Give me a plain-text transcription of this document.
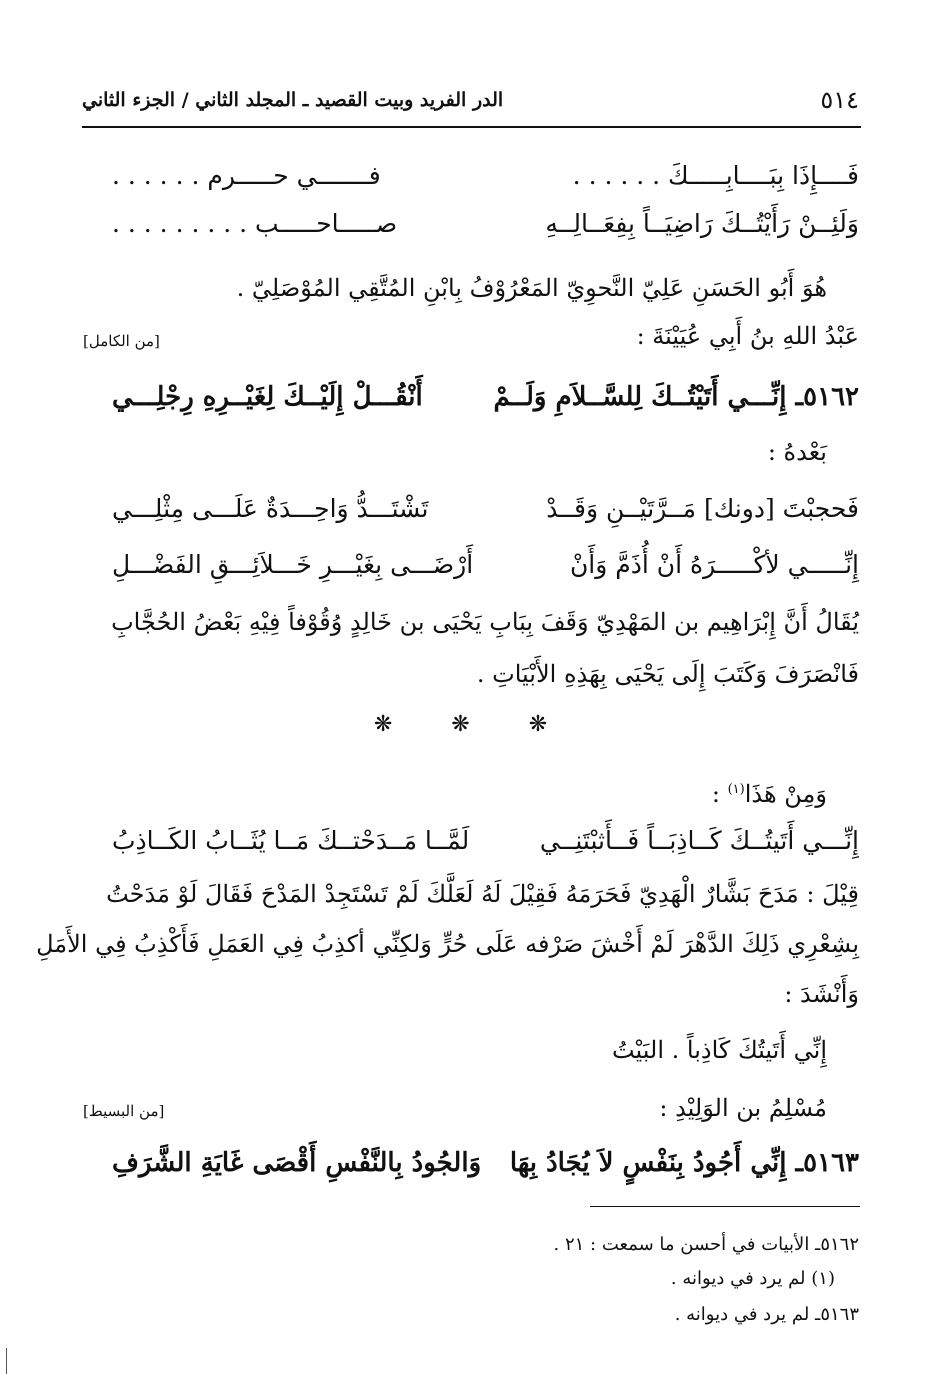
٥١٤
الدر الفريد وبيت القصيد ـ المجلد الثاني / الجزء الثاني
فَــــإِذَا بِبَــــابِـــــكَ . . . . . .
فـــــــي حـــــرم . . . . . .
وَلَئِــنْ رَأَيْتُــكَ رَاضِيَــاً بِفِعَــالِــهِ
صـــــاحـــــب . . . . . . . . .
هُوَ أَبُو الحَسَنِ عَلِيّ النَّحوِيّ المَعْرُوْفُ بِابْنِ المُتَّقِي المُوْصَلِيّ .
عَبْدُ اللهِ بنُ أَبِي عُيَيْنَةَ :
[من الكامل]
٥١٦٢ـ إِنِّـــي أَتَيْتُــكَ لِلسَّــلاَمِ وَلَــمْ
أَنْقُـــلْ إِلَيْــكَ لِغَيْــرِهِ رِجْلِـــي
بَعْدهُ :
فَحجبْتَ [دونك] مَــرَّتَيْــنِ وَقَــدْ
تَشْتَـــدُّ وَاحِـــدَةٌ عَلَـــى مِثْلِـــي
إِنِّـــــي لأكْـــــرَهُ أَنْ أُذَمَّ وَأَنْ
أَرْضَـــى بِغَيْـــرِ خَـــلاَئِـــقِ الفَضْـــلِ
يُقَالُ أَنَّ إِبْرَاهِيم بن المَهْدِيّ وَقَفَ بِبَابِ يَحْيَى بن خَالِدٍ وُقُوْفاً فِيْهِ بَعْضُ الحُجَّابِ
فَانْصَرَفَ وَكَتَبَ إِلَى يَحْيَى بِهَذِهِ الأَبْيَاتِ .
❋ ❋ ❋
وَمِنْ هَذَا$^{(١)}$ :
إِنِّـــي أَتَيتُــكَ كَــاذِبَــاً فَــأَثبْتَنِــي
لَمَّــا مَــدَحْتــكَ مَــا يُثَــابُ الكَــاذِبُ
قِيْلَ : مَدَحَ بَشَّارٌ الْهَدِيّ فَحَرَمَهُ فَقِيْلَ لَهُ لَعَلَّكَ لَمْ تَسْتَجِدْ المَدْحَ فَقَالَ لَوْ مَدَحْتُ
بِشِعْرِي ذَلِكَ الدَّهْرَ لَمْ أَخْشَ صَرْفه عَلَى حُرٍّ وَلكِنِّي أكذِبُ فِي العَمَلِ فَأَكْذِبُ فِي الأَمَلِ
وَأَنْشَدَ :
إِنِّي أَتَيتُكَ كَاذِباً . البَيْتُ
مُسْلِمُ بن الوَلِيْدِ :
[من البسيط]
٥١٦٣ـ إِنِّي أَجُودُ بِنَفْسٍ لاَ يُجَادُ بِهَا
وَالجُودُ بِالنَّفْسِ أَقْصَى غَايَةِ الشَّرَفِ
٥١٦٢ـ الأبيات في أحسن ما سمعت : ٢١ .
(١) لم يرد في ديوانه .
٥١٦٣ـ لم يرد في ديوانه .
